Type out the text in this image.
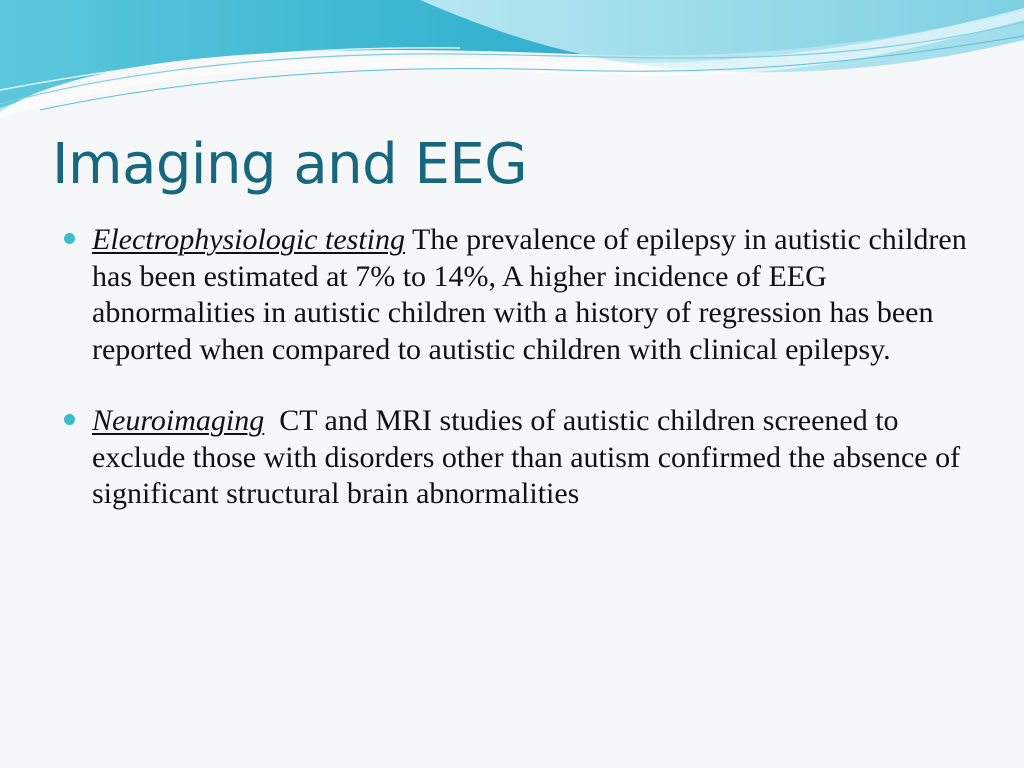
Imaging and EEG
Electrophysiologic testing The prevalence of epilepsy in autistic children has been estimated at 7% to 14%, A higher incidence of EEG abnormalities in autistic children with a history of regression has been reported when compared to autistic children with clinical epilepsy.
Neuroimaging  CT and MRI studies of autistic children screened to exclude those with disorders other than autism confirmed the absence of significant structural brain abnormalities
